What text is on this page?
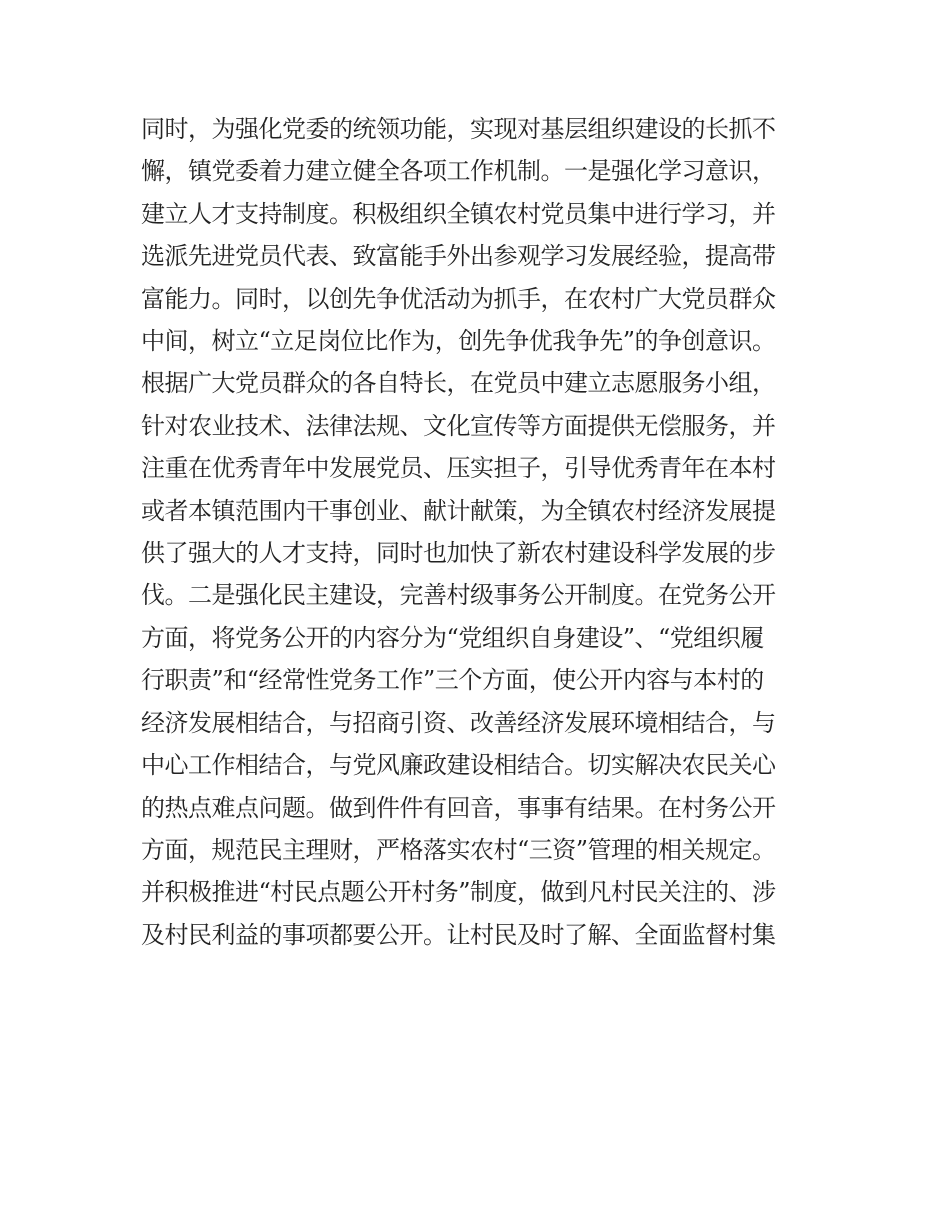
同时，为强化党委的统领功能，实现对基层组织建设的长抓不
懈，镇党委着力建立健全各项工作机制。一是强化学习意识，
建立人才支持制度。积极组织全镇农村党员集中进行学习，并
选派先进党员代表、致富能手外出参观学习发展经验，提高带
富能力。同时，以创先争优活动为抓手，在农村广大党员群众
中间，树立“立足岗位比作为，创先争优我争先”的争创意识。
根据广大党员群众的各自特长，在党员中建立志愿服务小组，
针对农业技术、法律法规、文化宣传等方面提供无偿服务，并
注重在优秀青年中发展党员、压实担子，引导优秀青年在本村
或者本镇范围内干事创业、献计献策，为全镇农村经济发展提
供了强大的人才支持，同时也加快了新农村建设科学发展的步
伐。二是强化民主建设，完善村级事务公开制度。在党务公开
方面，将党务公开的内容分为“党组织自身建设”、“党组织履
行职责”和“经常性党务工作”三个方面，使公开内容与本村的
经济发展相结合，与招商引资、改善经济发展环境相结合，与
中心工作相结合，与党风廉政建设相结合。切实解决农民关心
的热点难点问题。做到件件有回音，事事有结果。在村务公开
方面，规范民主理财，严格落实农村“三资”管理的相关规定。
并积极推进“村民点题公开村务”制度，做到凡村民关注的、涉
及村民利益的事项都要公开。让村民及时了解、全面监督村集
